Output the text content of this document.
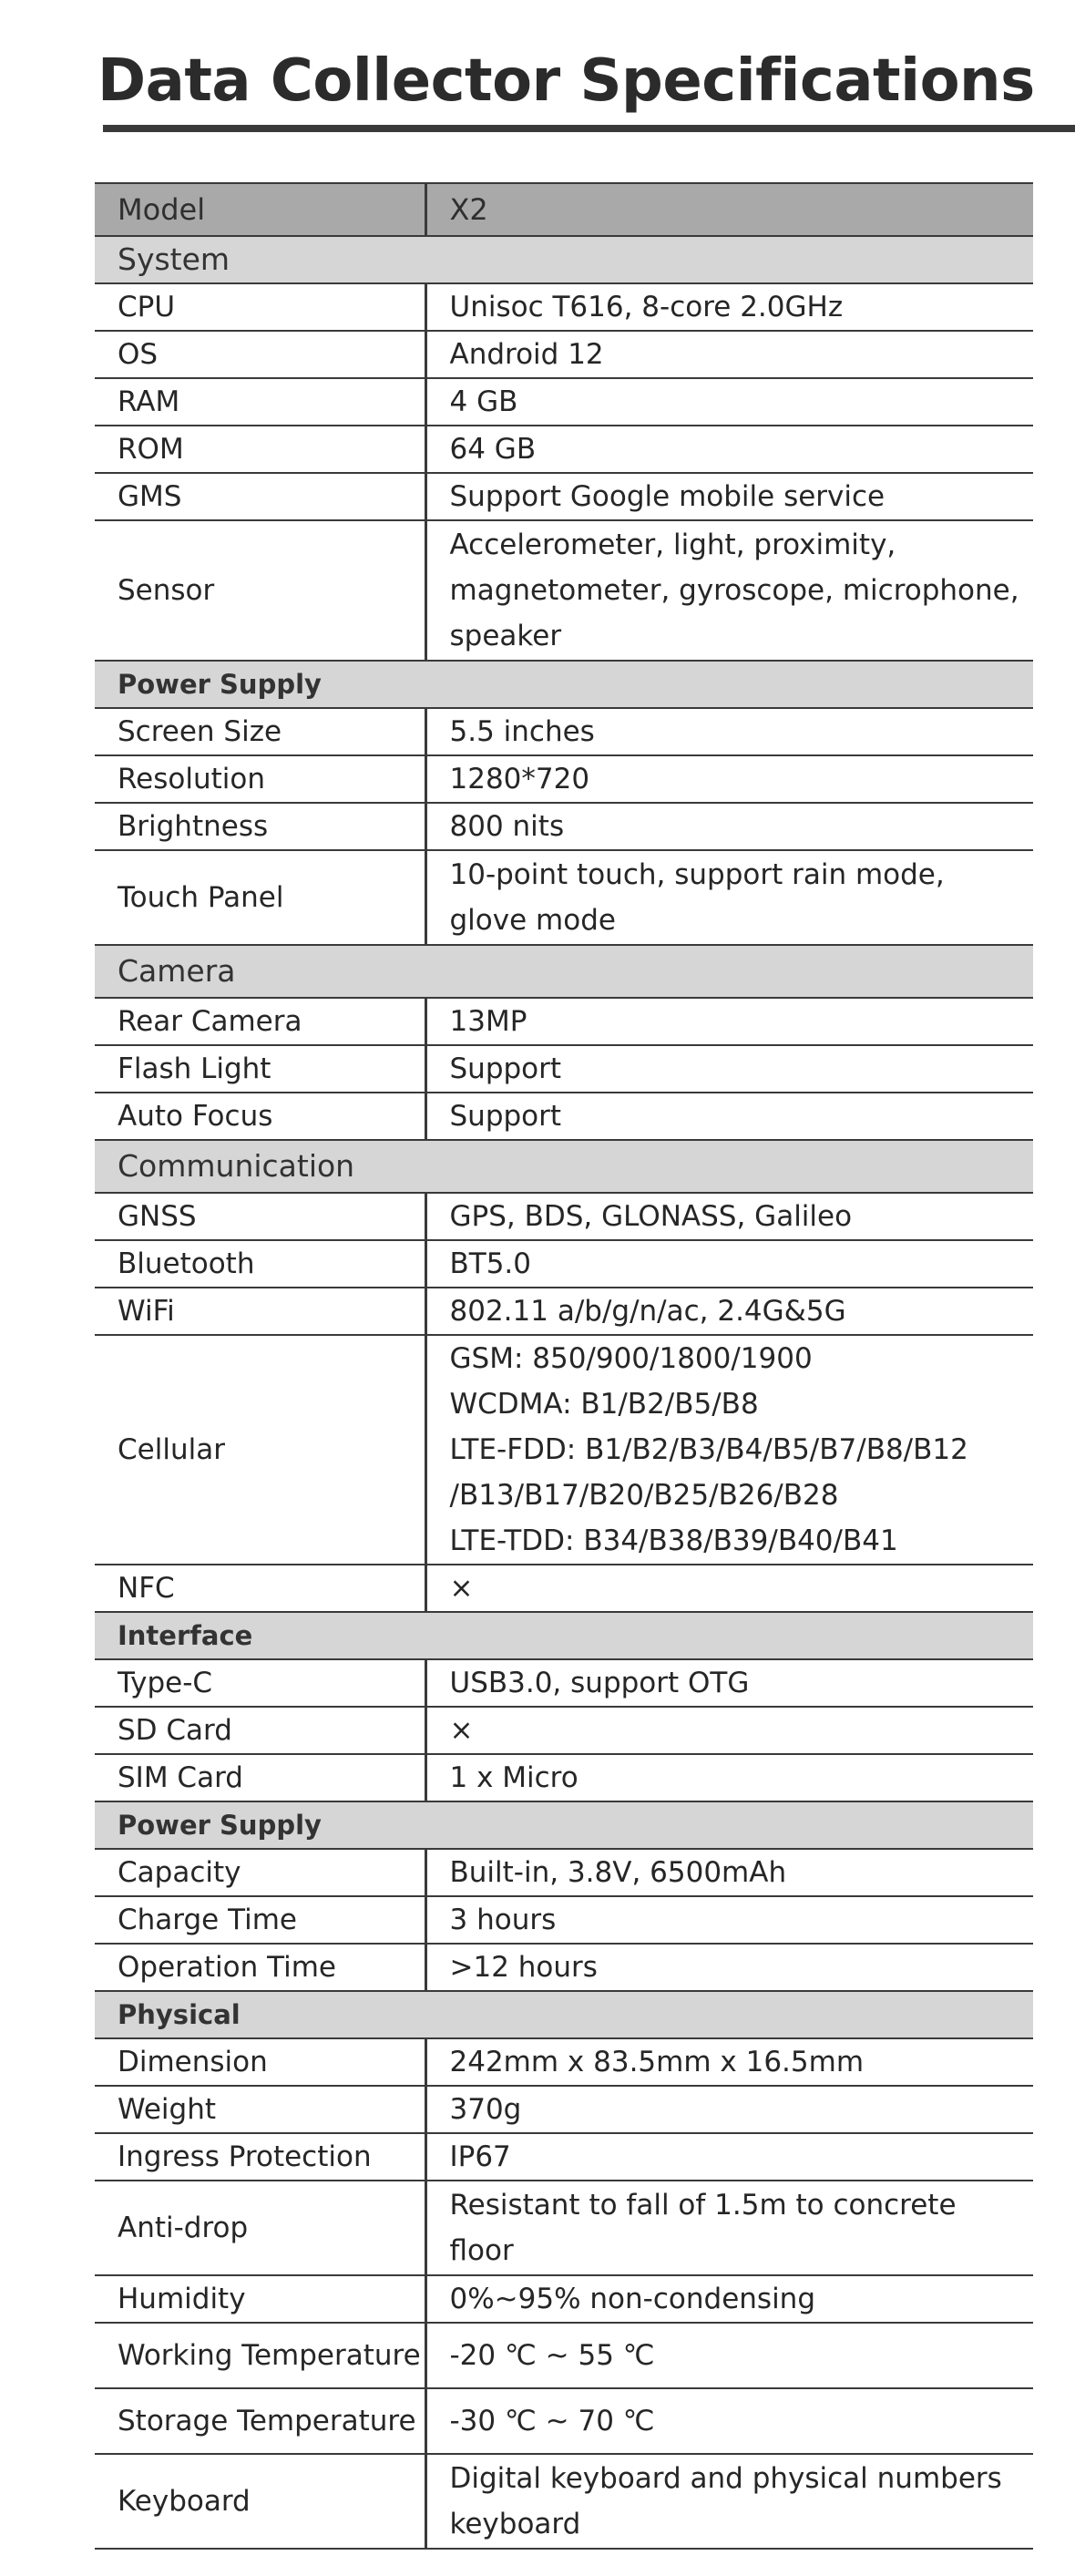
Data Collector Specifications
Model	X2
System	
CPU	Unisoc T616, 8-core 2.0GHz
OS	Android 12
RAM	4 GB
ROM	64 GB
GMS	Support Google mobile service
Sensor	Accelerometer, light, proximity, magnetometer, gyroscope, microphone, speaker
Power Supply	
Screen Size	5.5 inches
Resolution	1280*720
Brightness	800 nits
Touch Panel	10-point touch, support rain mode, glove mode
Camera	
Rear Camera	13MP
Flash Light	Support
Auto Focus	Support
Communication	
GNSS	GPS, BDS, GLONASS, Galileo
Bluetooth	BT5.0
WiFi	802.11 a/b/g/n/ac, 2.4G&5G
Cellular	GSM: 850/900/1800/1900
WCDMA: B1/B2/B5/B8
LTE-FDD: B1/B2/B3/B4/B5/B7/B8/B12
/B13/B17/B20/B25/B26/B28
LTE-TDD: B34/B38/B39/B40/B41

NFC	×
Interface	
Type-C	USB3.0, support OTG
SD Card	×
SIM Card	1 x Micro
Power Supply	
Capacity	Built-in, 3.8V, 6500mAh
Charge Time	3 hours
Operation Time	>12 hours
Physical	
Dimension	242mm x 83.5mm x 16.5mm
Weight	370g
Ingress Protection	IP67
Anti-drop	Resistant to fall of 1.5m to concrete floor
Humidity	0%~95% non-condensing
Working Temperature	-20 ℃ ~ 55 ℃
Storage Temperature	-30 ℃ ~ 70 ℃
Keyboard	Digital keyboard and physical numbers keyboard
